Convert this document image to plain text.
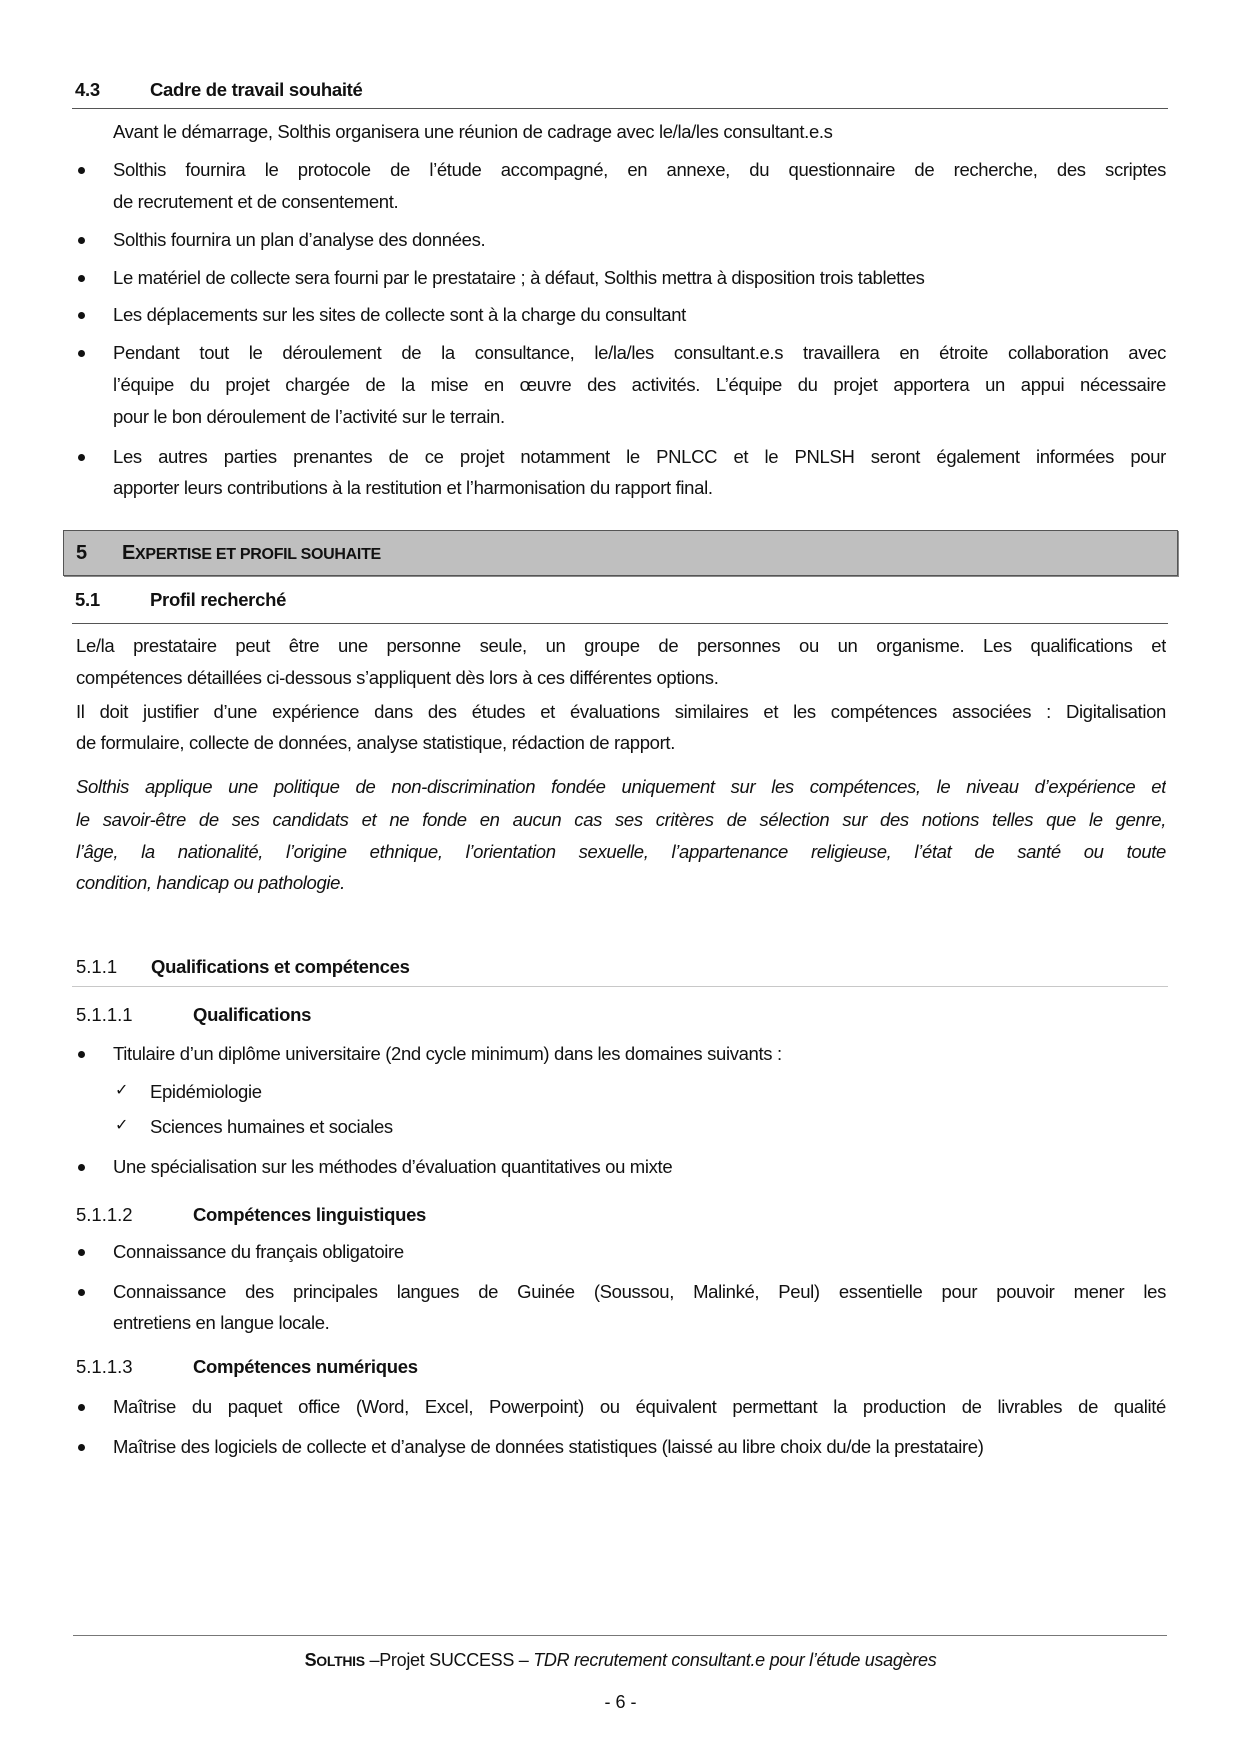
4.3	Cadre de travail souhaité
Avant le démarrage, Solthis organisera une réunion de cadrage avec le/la/les consultant.e.s
Solthis fournira le protocole de l’étude accompagné, en annexe, du questionnaire de recherche, des scriptes
de recrutement et de consentement.
Solthis fournira un plan d’analyse des données.
Le matériel de collecte sera fourni par le prestataire ; à défaut, Solthis mettra à disposition trois tablettes
Les déplacements sur les sites de collecte sont à la charge du consultant
Pendant tout le déroulement de la consultance, le/la/les consultant.e.s travaillera en étroite collaboration avec
l’équipe du projet chargée de la mise en œuvre des activités. L’équipe du projet apportera un appui nécessaire
pour le bon déroulement de l’activité sur le terrain.
Les autres parties prenantes de ce projet notamment le PNLCC et le PNLSH seront également informées pour
apporter leurs contributions à la restitution et l’harmonisation du rapport final.
5 EXPERTISE ET PROFIL SOUHAITE
5.1	Profil recherché
Le/la prestataire peut être une personne seule, un groupe de personnes ou un organisme. Les qualifications et
compétences détaillées ci-dessous s’appliquent dès lors à ces différentes options.
Il doit justifier d’une expérience dans des études et évaluations similaires et les compétences associées : Digitalisation
de formulaire, collecte de données, analyse statistique, rédaction de rapport.
Solthis applique une politique de non-discrimination fondée uniquement sur les compétences, le niveau d’expérience et
le savoir-être de ses candidats et ne fonde en aucun cas ses critères de sélection sur des notions telles que le genre,
l’âge, la nationalité, l’origine ethnique, l’orientation sexuelle, l’appartenance religieuse, l’état de santé ou toute
condition, handicap ou pathologie.
5.1.1 Qualifications et compétences
5.1.1.1	Qualifications
Titulaire d’un diplôme universitaire (2nd cycle minimum) dans les domaines suivants :
✓ Epidémiologie
✓ Sciences humaines et sociales
Une spécialisation sur les méthodes d’évaluation quantitatives ou mixte
5.1.1.2	Compétences linguistiques
Connaissance du français obligatoire
Connaissance des principales langues de Guinée (Soussou, Malinké, Peul) essentielle pour pouvoir mener les
entretiens en langue locale.
5.1.1.3	Compétences numériques
Maîtrise du paquet office (Word, Excel, Powerpoint) ou équivalent permettant la production de livrables de qualité
Maîtrise des logiciels de collecte et d’analyse de données statistiques (laissé au libre choix du/de la prestataire)
SOLTHIS –Projet SUCCESS – TDR recrutement consultant.e pour l’étude usagères
- 6 -
